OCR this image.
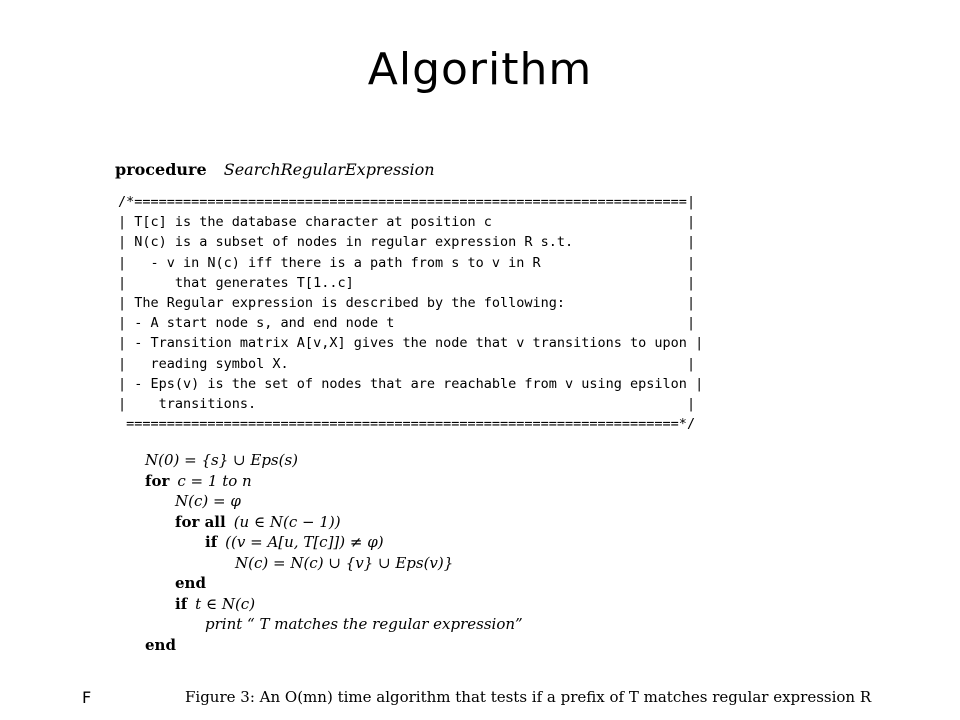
Algorithm
procedure SearchRegularExpression
/*====================================================================|
| T[c] is the database character at position c                        |
| N(c) is a subset of nodes in regular expression R s.t.              |
|   - v in N(c) iff there is a path from s to v in R                  |
|      that generates T[1..c]                                         |
| The Regular expression is described by the following:               |
| - A start node s, and end node t                                    |
| - Transition matrix A[v,X] gives the node that v transitions to upon |
|   reading symbol X.                                                 |
| - Eps(v) is the set of nodes that are reachable from v using epsilon |
|    transitions.                                                     |
====================================================================*/
N(0) = {s} ∪ Eps(s)
for c = 1 to n
N(c) = φ
for all (u ∈ N(c − 1))
if ((v = A[u, T[c]]) ≠ φ)
N(c) = N(c) ∪ {v} ∪ Eps(v)}
end
if t ∈ N(c)
print “ T matches the regular expression”
end
F	Figure 3: An O(mn) time algorithm that tests if a prefix of T matches regular expression R
